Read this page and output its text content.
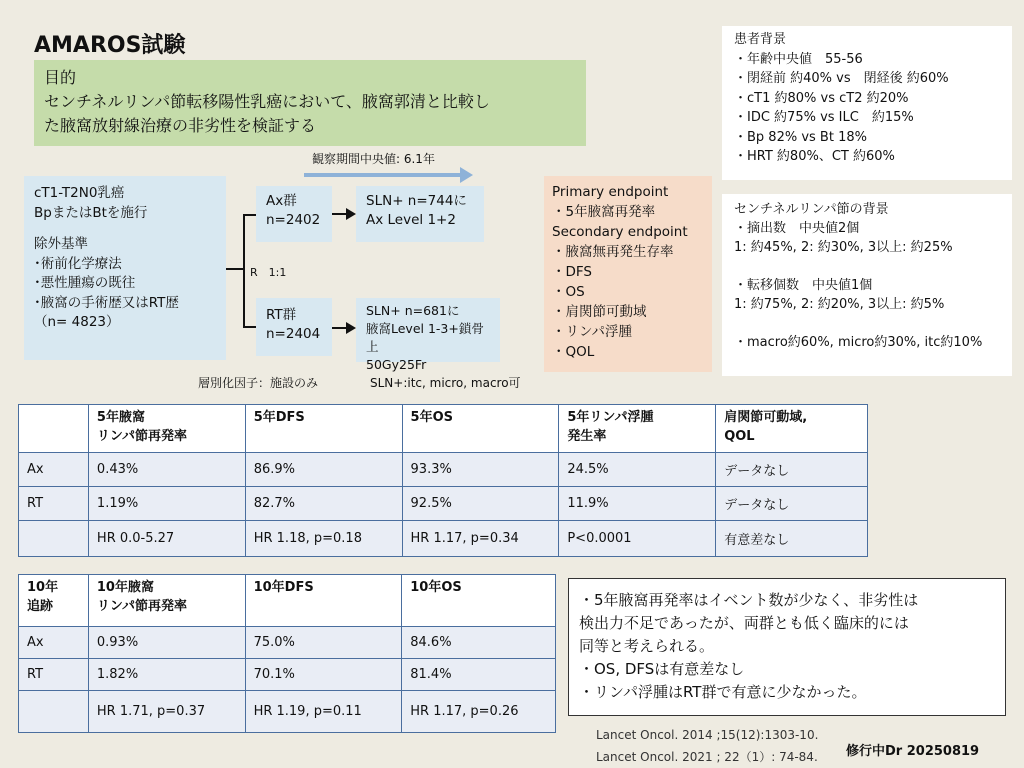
AMAROS試験
目的
センチネルリンパ節転移陽性乳癌において、腋窩郭清と比較し
た腋窩放射線治療の非劣性を検証する
観察期間中央値: 6.1年
cT1-T2N0乳癌
BpまたはBtを施行
除外基準
･術前化学療法
･悪性腫瘍の既往
･腋窩の手術歴又はRT歴
（n= 4823）
R　1:1
Ax群
n=2402
RT群
n=2404
SLN+ n=744に
Ax Level 1+2
SLN+ n=681に
腋窩Level 1-3+鎖骨上
50Gy25Fr
Primary endpoint
・5年腋窩再発率
Secondary endpoint
・腋窩無再発生存率
・DFS
・OS
・肩関節可動域
・リンパ浮腫
・QOL
層別化因子：施設のみ	SLN+:itc, micro, macro可
患者背景
・年齢中央値　55-56
・閉経前 約40% vs　閉経後 約60%
・cT1 約80% vs cT2 約20%
・IDC 約75% vs ILC　約15%
・Bp 82% vs Bt 18%
・HRT 約80%、CT 約60%
センチネルリンパ節の背景
・摘出数　中央値2個
1: 約45%, 2: 約30%, 3以上: 約25%
・転移個数　中央値1個
1: 約75%, 2: 約20%, 3以上: 約5%
・macro約60%, micro約30%, itc約10%
	5年腋窩
リンパ節再発率	5年DFS	5年OS	5年リンパ浮腫
発生率	肩関節可動域,
QOL
Ax	0.43%	86.9%	93.3%	24.5%	データなし
RT	1.19%	82.7%	92.5%	11.9%	データなし
	HR 0.0-5.27	HR 1.18, p=0.18	HR 1.17, p=0.34	P<0.0001	有意差なし
10年
追跡	10年腋窩
リンパ節再発率	10年DFS	10年OS
Ax	0.93%	75.0%	84.6%
RT	1.82%	70.1%	81.4%
	HR 1.71, p=0.37	HR 1.19, p=0.11	HR 1.17, p=0.26
・5年腋窩再発率はイベント数が少なく、非劣性は
検出力不足であったが、両群とも低く臨床的には
同等と考えられる。
・OS, DFSは有意差なし
・リンパ浮腫はRT群で有意に少なかった。
Lancet Oncol. 2014 ;15(12):1303-10.
Lancet Oncol. 2021 ; 22（1）: 74-84. 修行中Dr 20250819
